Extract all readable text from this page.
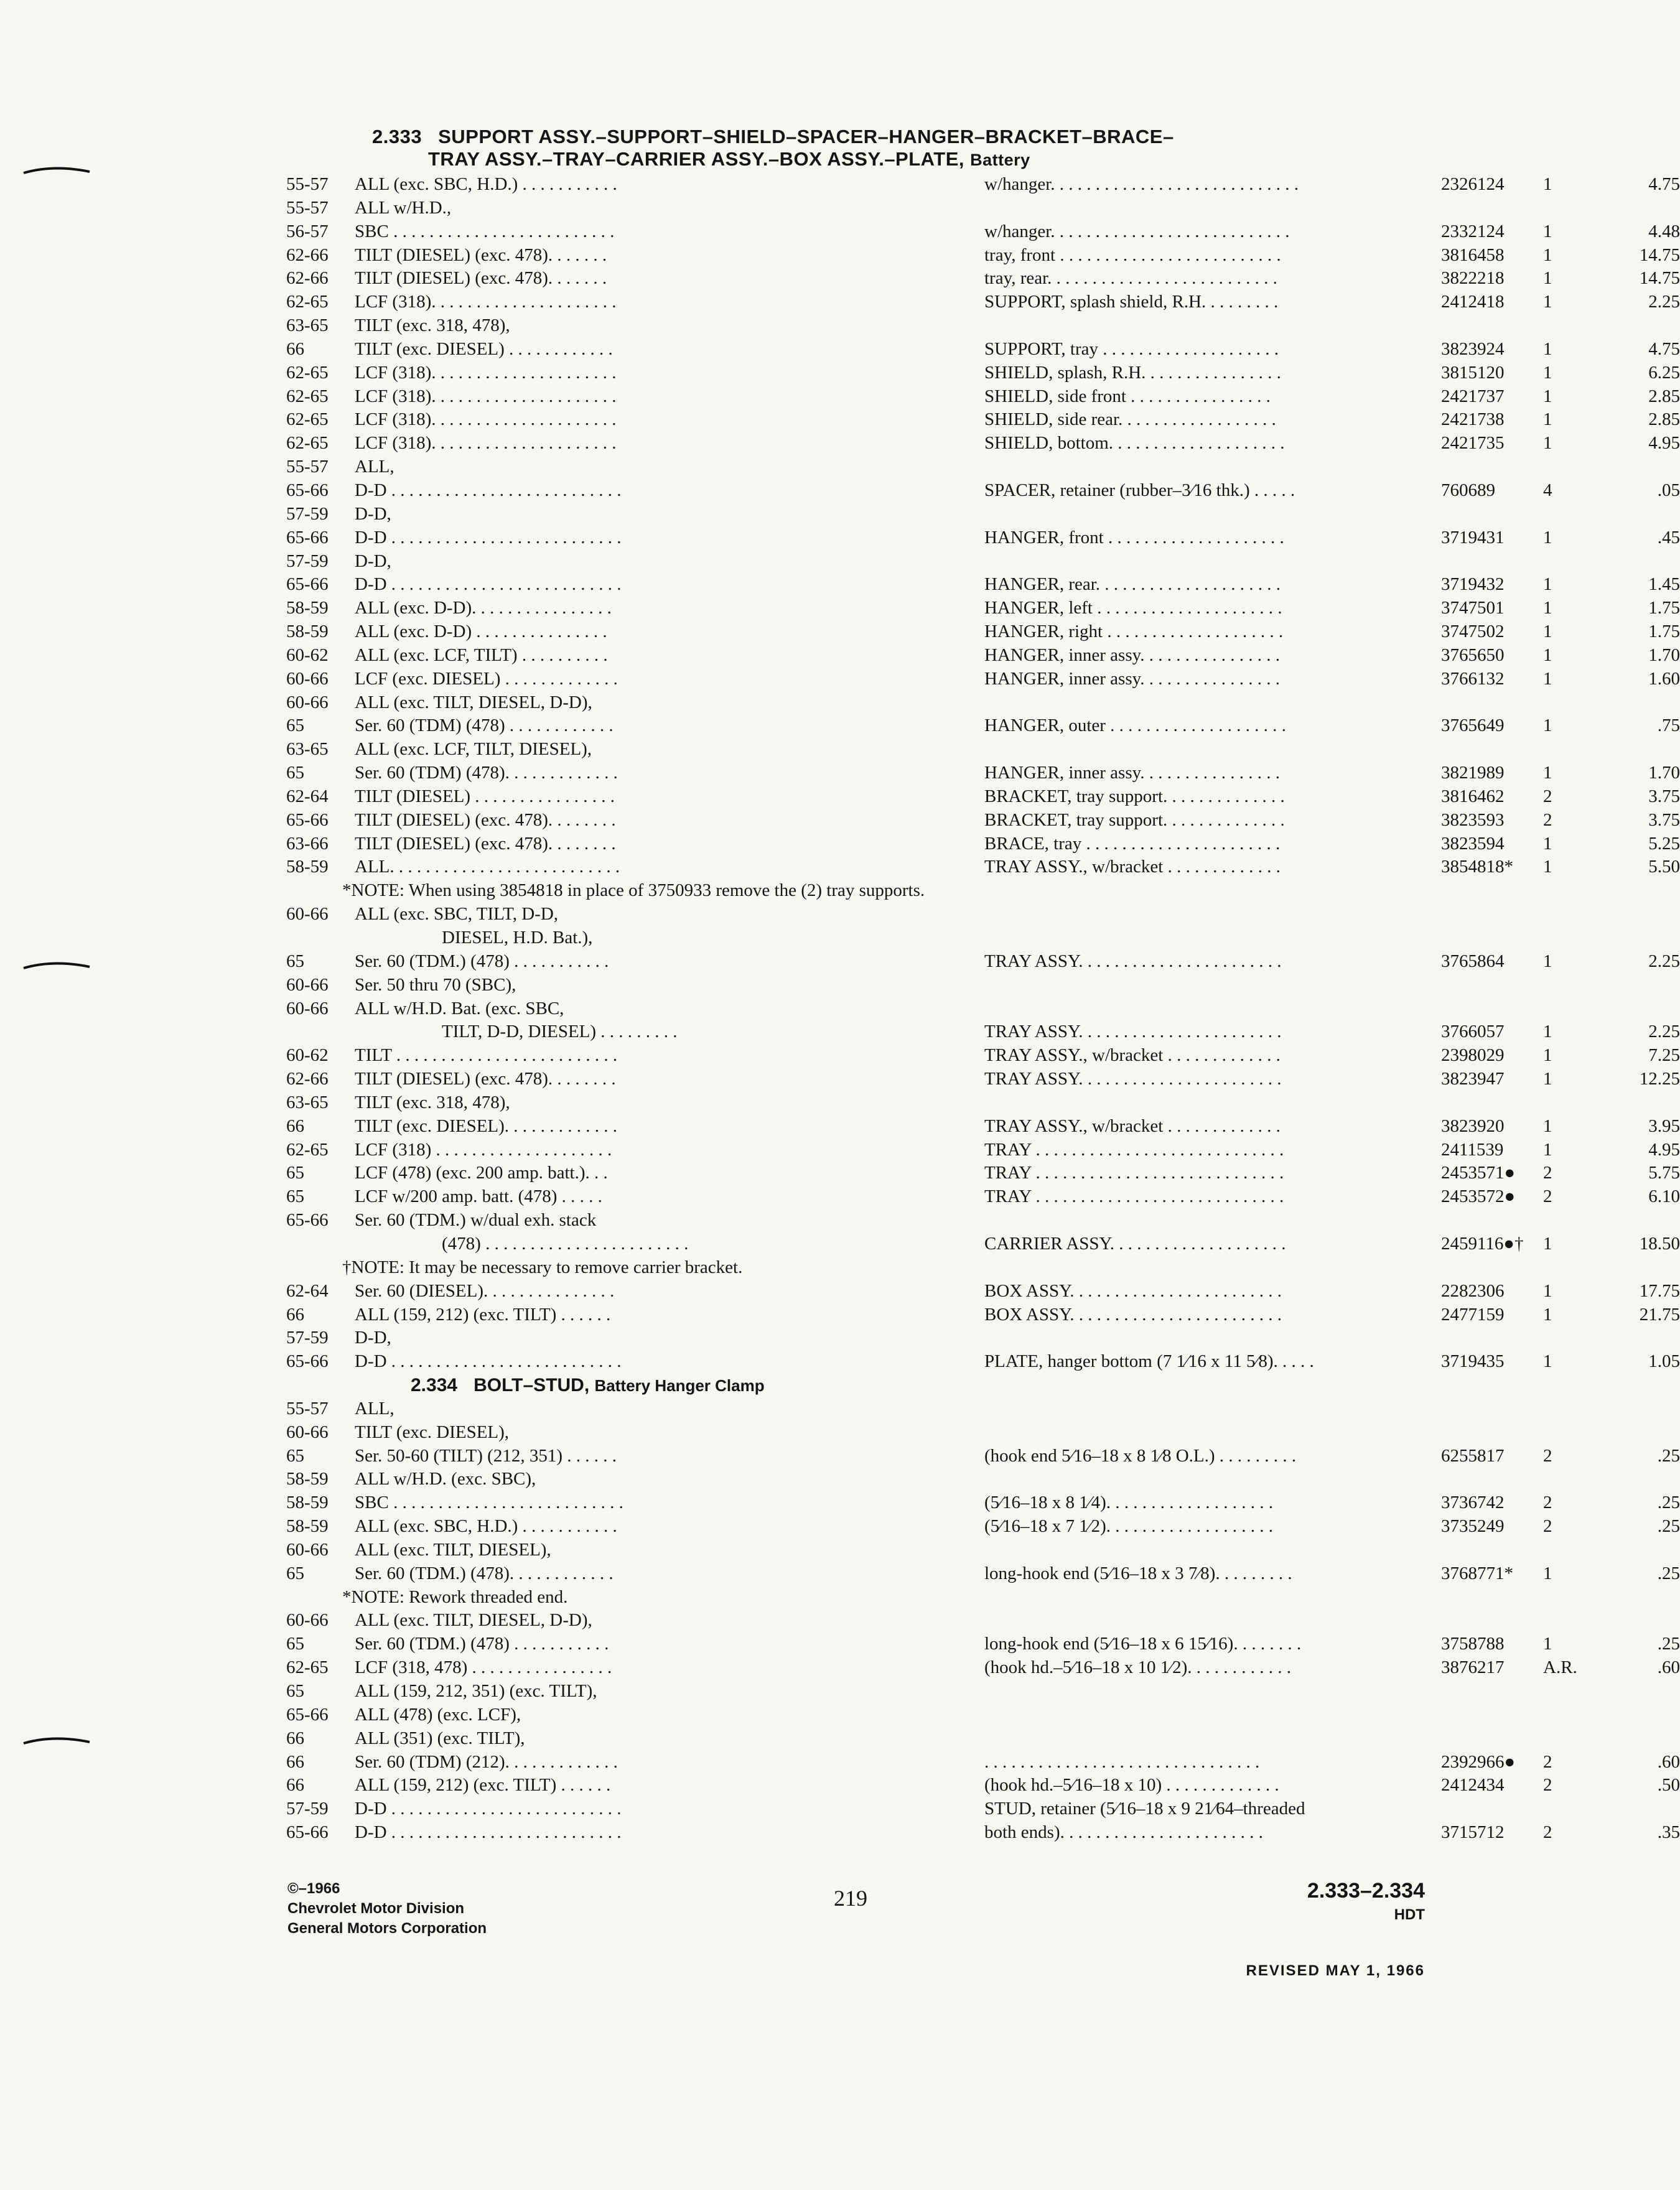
2.333 SUPPORT ASSY.–SUPPORT–SHIELD–SPACER–HANGER–BRACKET–BRACE–
TRAY ASSY.–TRAY–CARRIER ASSY.–BOX ASSY.–PLATE, Battery
55-57 ALL (exc. SBC, H.D.) . . . . . . . . . . .	w/hanger. . . . . . . . . . . . . . . . . . . . . . . . . . . .	2326124 1	4.75
55-57 ALL w/H.D.,
56-57 SBC . . . . . . . . . . . . . . . . . . . . . . . . .	w/hanger. . . . . . . . . . . . . . . . . . . . . . . . . . .	2332124 1	4.48
62-66 TILT (DIESEL) (exc. 478). . . . . . .	tray, front . . . . . . . . . . . . . . . . . . . . . . . . .	3816458 1	14.75
62-66 TILT (DIESEL) (exc. 478). . . . . . .	tray, rear. . . . . . . . . . . . . . . . . . . . . . . . . .	3822218 1	14.75
62-65 LCF (318). . . . . . . . . . . . . . . . . . . . .	SUPPORT, splash shield, R.H. . . . . . . . .	2412418 1	2.25
63-65 TILT (exc. 318, 478),
66	TILT (exc. DIESEL) . . . . . . . . . . . .	SUPPORT, tray . . . . . . . . . . . . . . . . . . . .	3823924 1	4.75
62-65 LCF (318). . . . . . . . . . . . . . . . . . . . .	SHIELD, splash, R.H. . . . . . . . . . . . . . . .	3815120 1	6.25
62-65 LCF (318). . . . . . . . . . . . . . . . . . . . .	SHIELD, side front . . . . . . . . . . . . . . . .	2421737 1	2.85
62-65 LCF (318). . . . . . . . . . . . . . . . . . . . .	SHIELD, side rear. . . . . . . . . . . . . . . . . .	2421738 1	2.85
62-65 LCF (318). . . . . . . . . . . . . . . . . . . . .	SHIELD, bottom. . . . . . . . . . . . . . . . . . . .	2421735 1	4.95
55-57 ALL,
65-66 D-D . . . . . . . . . . . . . . . . . . . . . . . . . .	SPACER, retainer (rubber–3⁄16 thk.) . . . . .	760689	4	.05
57-59 D-D,
65-66 D-D . . . . . . . . . . . . . . . . . . . . . . . . . .	HANGER, front . . . . . . . . . . . . . . . . . . . .	3719431 1	.45
57-59 D-D,
65-66 D-D . . . . . . . . . . . . . . . . . . . . . . . . . .	HANGER, rear. . . . . . . . . . . . . . . . . . . . .	3719432 1	1.45
58-59 ALL (exc. D-D). . . . . . . . . . . . . . . .	HANGER, left . . . . . . . . . . . . . . . . . . . . .	3747501 1	1.75
58-59 ALL (exc. D-D) . . . . . . . . . . . . . . .	HANGER, right . . . . . . . . . . . . . . . . . . . .	3747502 1	1.75
60-62 ALL (exc. LCF, TILT) . . . . . . . . . .	HANGER, inner assy. . . . . . . . . . . . . . . .	3765650 1	1.70
60-66 LCF (exc. DIESEL) . . . . . . . . . . . . .	HANGER, inner assy. . . . . . . . . . . . . . . .	3766132 1	1.60
60-66 ALL (exc. TILT, DIESEL, D-D),
65	Ser. 60 (TDM) (478) . . . . . . . . . . . .	HANGER, outer . . . . . . . . . . . . . . . . . . . .	3765649 1	.75
63-65 ALL (exc. LCF, TILT, DIESEL),
65	Ser. 60 (TDM) (478). . . . . . . . . . . . .	HANGER, inner assy. . . . . . . . . . . . . . . .	3821989 1	1.70
62-64 TILT (DIESEL) . . . . . . . . . . . . . . . .	BRACKET, tray support. . . . . . . . . . . . . .	3816462 2	3.75
65-66 TILT (DIESEL) (exc. 478). . . . . . . .	BRACKET, tray support. . . . . . . . . . . . . .	3823593 2	3.75
63-66 TILT (DIESEL) (exc. 478). . . . . . . .	BRACE, tray . . . . . . . . . . . . . . . . . . . . . .	3823594 1	5.25
58-59 ALL. . . . . . . . . . . . . . . . . . . . . . . . . .	TRAY ASSY., w/bracket . . . . . . . . . . . . .	3854818* 1	5.50
*NOTE: When using 3854818 in place of 3750933 remove the (2) tray supports.
60-66 ALL (exc. SBC, TILT, D-D,
DIESEL, H.D. Bat.),
65	Ser. 60 (TDM.) (478) . . . . . . . . . . .	TRAY ASSY. . . . . . . . . . . . . . . . . . . . . . .	3765864 1	2.25
60-66 Ser. 50 thru 70 (SBC),
60-66 ALL w/H.D. Bat. (exc. SBC,
TILT, D-D, DIESEL) . . . . . . . . .	TRAY ASSY. . . . . . . . . . . . . . . . . . . . . . .	3766057 1	2.25
60-62 TILT . . . . . . . . . . . . . . . . . . . . . . . . .	TRAY ASSY., w/bracket . . . . . . . . . . . . .	2398029 1	7.25
62-66 TILT (DIESEL) (exc. 478). . . . . . . .	TRAY ASSY. . . . . . . . . . . . . . . . . . . . . . .	3823947 1	12.25
63-65 TILT (exc. 318, 478),
66	TILT (exc. DIESEL). . . . . . . . . . . . .	TRAY ASSY., w/bracket . . . . . . . . . . . . .	3823920 1	3.95
62-65 LCF (318) . . . . . . . . . . . . . . . . . . . .	TRAY . . . . . . . . . . . . . . . . . . . . . . . . . . . .	2411539 1	4.95
65	LCF (478) (exc. 200 amp. batt.). . .	TRAY . . . . . . . . . . . . . . . . . . . . . . . . . . . .	2453571● 2	5.75
65	LCF w/200 amp. batt. (478) . . . . .	TRAY . . . . . . . . . . . . . . . . . . . . . . . . . . . .	2453572● 2	6.10
65-66 Ser. 60 (TDM.) w/dual exh. stack
(478) . . . . . . . . . . . . . . . . . . . . . . .	CARRIER ASSY. . . . . . . . . . . . . . . . . . . .	2459116●† 1	18.50
†NOTE: It may be necessary to remove carrier bracket.
62-64 Ser. 60 (DIESEL). . . . . . . . . . . . . . .	BOX ASSY. . . . . . . . . . . . . . . . . . . . . . . .	2282306 1	17.75
66	ALL (159, 212) (exc. TILT) . . . . . .	BOX ASSY. . . . . . . . . . . . . . . . . . . . . . . .	2477159 1	21.75
57-59 D-D,
65-66 D-D . . . . . . . . . . . . . . . . . . . . . . . . . .	PLATE, hanger bottom (7 1⁄16 x 11 5⁄8). . . . .	3719435 1	1.05
2.334 BOLT–STUD, Battery Hanger Clamp
55-57 ALL,
60-66 TILT (exc. DIESEL),
65	Ser. 50-60 (TILT) (212, 351) . . . . . .	(hook end 5⁄16–18 x 8 1⁄8 O.L.) . . . . . . . . .	6255817 2	.25
58-59 ALL w/H.D. (exc. SBC),
58-59 SBC . . . . . . . . . . . . . . . . . . . . . . . . . .	(5⁄16–18 x 8 1⁄4). . . . . . . . . . . . . . . . . . .	3736742 2	.25
58-59 ALL (exc. SBC, H.D.) . . . . . . . . . . .	(5⁄16–18 x 7 1⁄2). . . . . . . . . . . . . . . . . . .	3735249 2	.25
60-66 ALL (exc. TILT, DIESEL),
65	Ser. 60 (TDM.) (478). . . . . . . . . . . .	long-hook end (5⁄16–18 x 3 7⁄8). . . . . . . . .	3768771* 1	.25
*NOTE: Rework threaded end.
60-66 ALL (exc. TILT, DIESEL, D-D),
65	Ser. 60 (TDM.) (478) . . . . . . . . . . .	long-hook end (5⁄16–18 x 6 15⁄16). . . . . . . .	3758788 1	.25
62-65 LCF (318, 478) . . . . . . . . . . . . . . . .	(hook hd.–5⁄16–18 x 10 1⁄2). . . . . . . . . . . .	3876217 A.R.	.60
65	ALL (159, 212, 351) (exc. TILT),
65-66 ALL (478) (exc. LCF),
66	ALL (351) (exc. TILT),
66	Ser. 60 (TDM) (212). . . . . . . . . . . . .	. . . . . . . . . . . . . . . . . . . . . . . . . . . . . . .	2392966● 2	.60
66	ALL (159, 212) (exc. TILT) . . . . . .	(hook hd.–5⁄16–18 x 10) . . . . . . . . . . . . .	2412434 2	.50
57-59 D-D . . . . . . . . . . . . . . . . . . . . . . . . . .	STUD, retainer (5⁄16–18 x 9 21⁄64–threaded
65-66 D-D . . . . . . . . . . . . . . . . . . . . . . . . . .	both ends). . . . . . . . . . . . . . . . . . . . . . .	3715712 2	.35
©–1966
Chevrolet Motor Division
General Motors Corporation
219	2.333–2.334
HDT
REVISED MAY 1, 1966
